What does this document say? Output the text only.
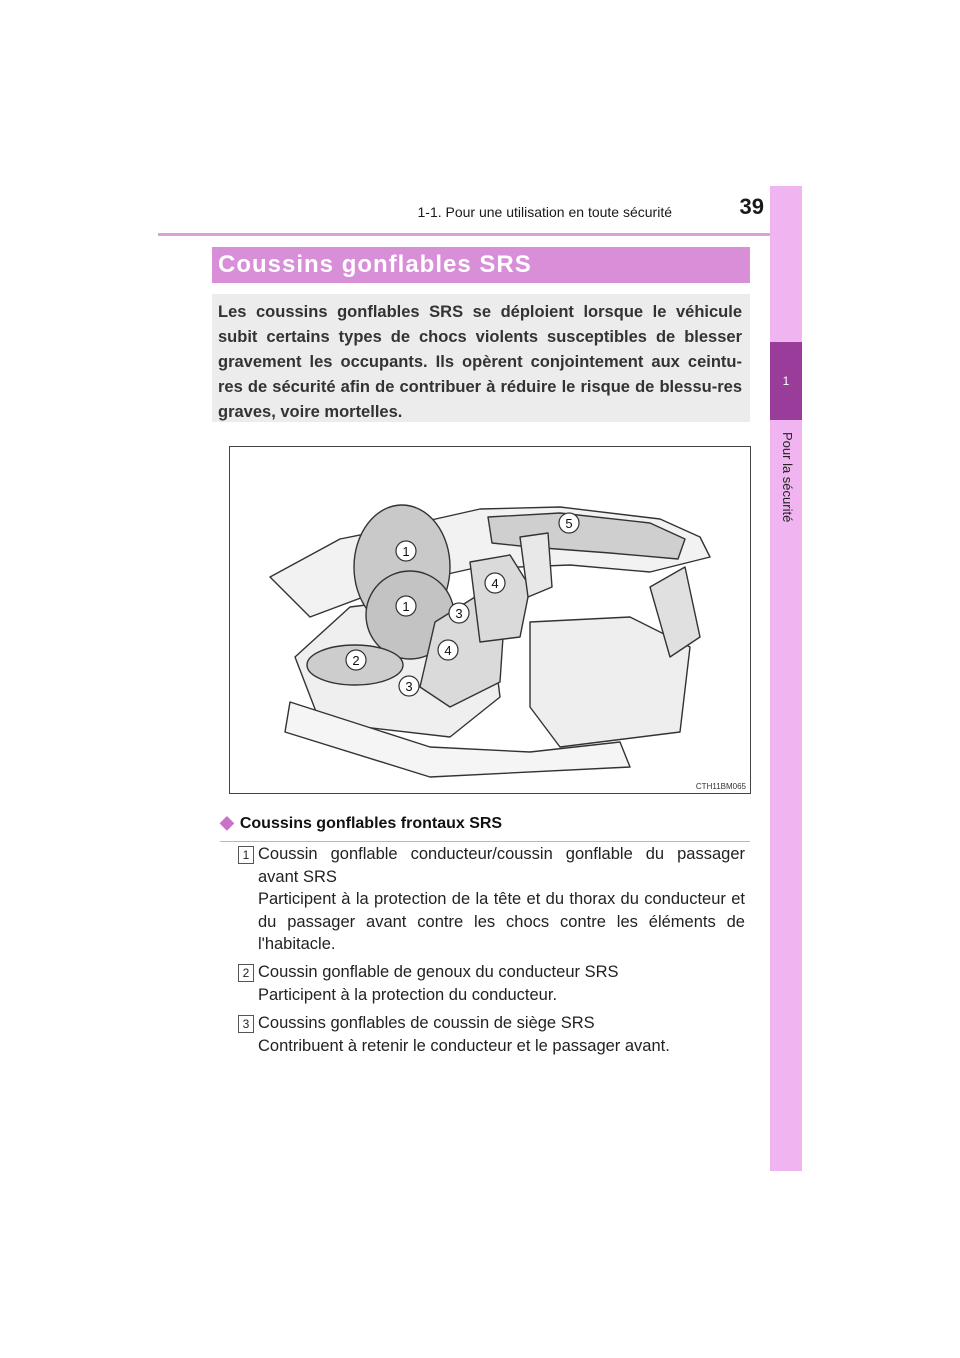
1-1. Pour une utilisation en toute sécurité	39
1
Pour la sécurité
Coussins gonflables SRS
Les coussins gonflables SRS se déploient lorsque le véhicule subit certains types de chocs violents susceptibles de blesser gravement les occupants. Ils opèrent conjointement aux ceintu-res de sécurité afin de contribuer à réduire le risque de blessu-res graves, voire mortelles.
1
1
2
3
3
4
4
5
CTH11BM065
◆ Coussins gonflables frontaux SRS
1 Coussin gonflable conducteur/coussin gonflable du passager avant SRS
Participent à la protection de la tête et du thorax du conducteur et du passager avant contre les chocs contre les éléments de l'habitacle.
2 Coussin gonflable de genoux du conducteur SRS
Participent à la protection du conducteur.
3 Coussins gonflables de coussin de siège SRS
Contribuent à retenir le conducteur et le passager avant.
